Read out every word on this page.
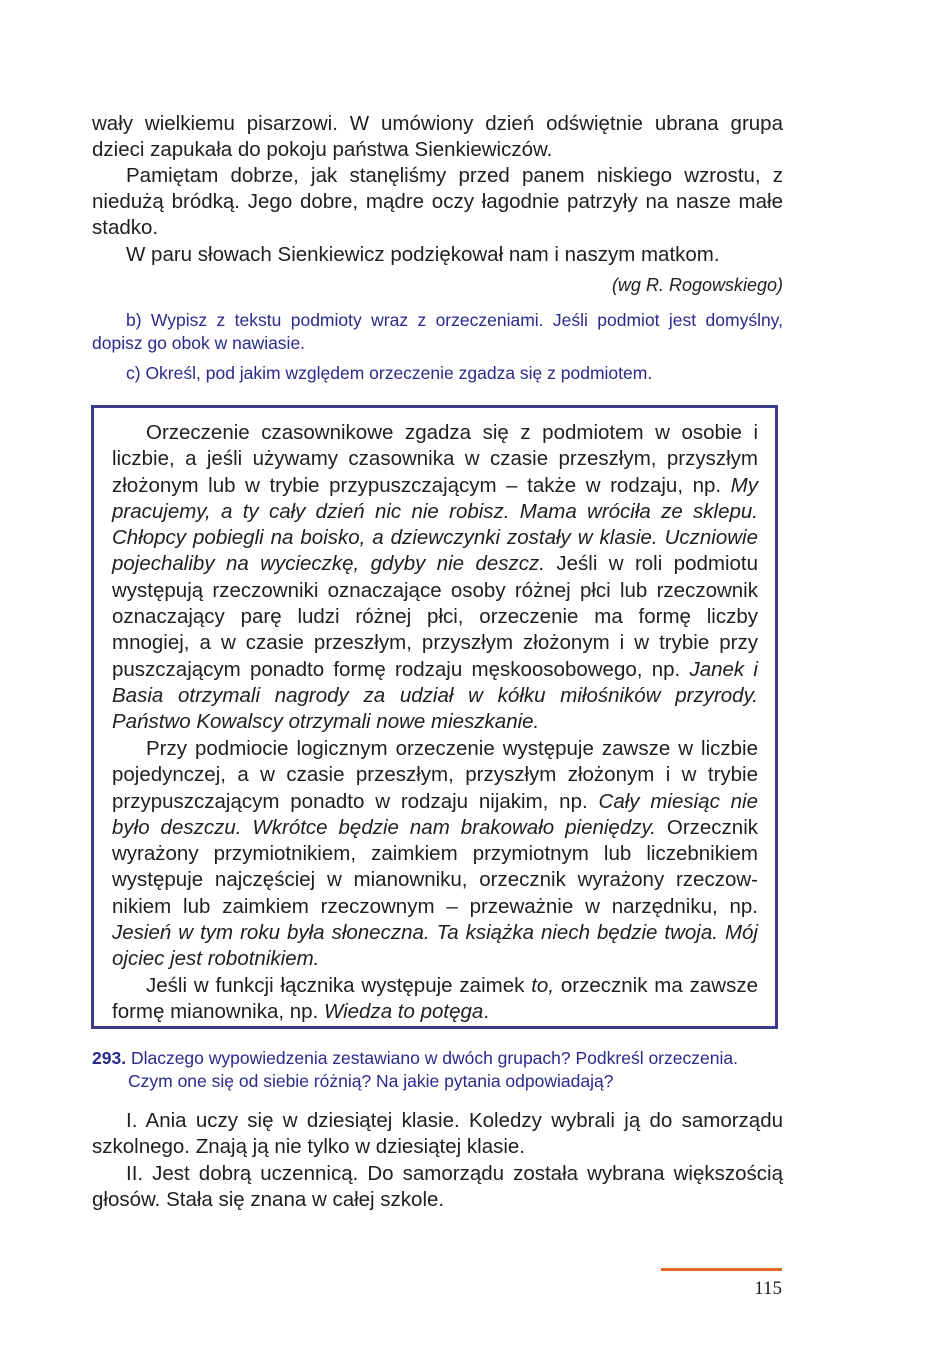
wały wielkiemu pisarzowi. W umówiony dzień odświętnie ubrana grupa dzieci zapukała do pokoju państwa Sienkiewiczów.

Pamiętam dobrze, jak stanęliśmy przed panem niskiego wzrostu, z niedużą bródką. Jego dobre, mądre oczy łagodnie patrzyły na nasze małe stadko.

W paru słowach Sienkiewicz podziękował nam i naszym matkom.

(wg R. Rogowskiego)

b) Wypisz z tekstu podmioty wraz z orzeczeniami. Jeśli podmiot jest domyślny, dopisz go obok w nawiasie.

c) Określ, pod jakim względem orzeczenie zgadza się z podmiotem.

Orzeczenie czasownikowe zgadza się z podmiotem w osobie i liczbie, a jeśli używamy czasownika w czasie przeszłym, przyszłym złożonym lub w trybie przypuszczającym – także w rodzaju, np. My pracujemy, a ty cały dzień nic nie robisz. Mama wróciła ze sklepu. Chłopcy pobiegli na boisko, a dziewczynki zostały w klasie. Uczniowie pojechaliby na wycieczkę, gdyby nie deszcz. Jeśli w roli podmiotu występują rzeczowniki oznaczające osoby różnej płci lub rzeczownik oznaczający parę ludzi różnej płci, orzeczenie ma formę liczby mnogiej, a w czasie przeszłym, przyszłym złożonym i w trybie przy puszczającym ponadto formę rodzaju męskoosobowego, np. Janek i Basia otrzymali nagrody za udział w kółku miłośników przyrody. Państwo Kowalscy otrzymali nowe mieszkanie.

Przy podmiocie logicznym orzeczenie występuje zawsze w liczbie pojedynczej, a w czasie przeszłym, przyszłym złożonym i w trybie przypuszczającym ponadto w rodzaju nijakim, np. Cały miesiąc nie było deszczu. Wkrótce będzie nam brakowało pieniędzy. Orzecznik wyrażony przymiotnikiem, zaimkiem przymiotnym lub liczebnikiem występuje najczęściej w mianowniku, orzecznik wyrażony rzeczownikiem lub zaimkiem rzeczownym – przeważnie w narzędniku, np. Jesień w tym roku była słoneczna. Ta książka niech będzie twoja. Mój ojciec jest robotnikiem.

Jeśli w funkcji łącznika występuje zaimek to, orzecznik ma zawsze formę mianownika, np. Wiedza to potęga.

293. Dlaczego wypowiedzenia zestawiano w dwóch grupach? Podkreśl orzeczenia. Czym one się od siebie różnią? Na jakie pytania odpowiadają?

I. Ania uczy się w dziesiątej klasie. Koledzy wybrali ją do samorządu szkolnego. Znają ją nie tylko w dziesiątej klasie.

II. Jest dobrą uczennicą. Do samorządu została wybrana większością głosów. Stała się znana w całej szkole.

115
